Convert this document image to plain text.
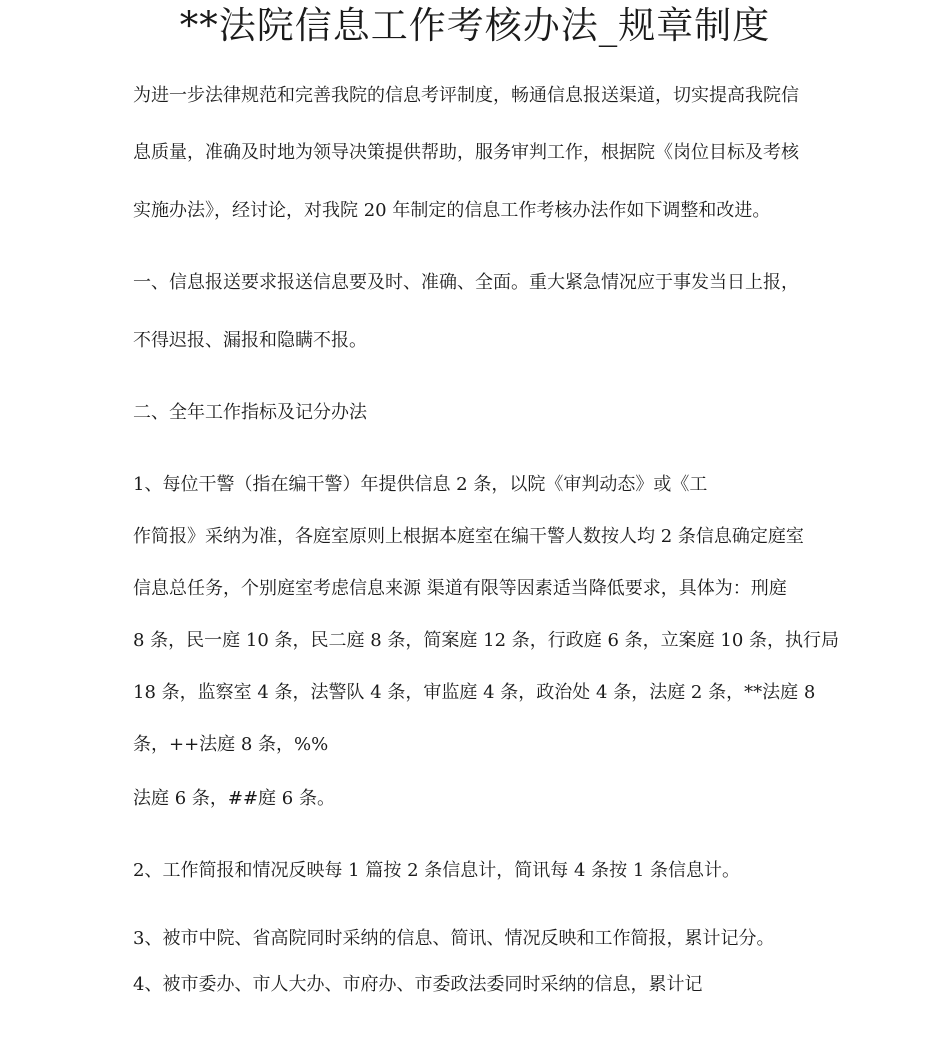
**法院信息工作考核办法_规章制度
为进一步法律规范和完善我院的信息考评制度，畅通信息报送渠道，切实提高我院信
息质量，准确及时地为领导决策提供帮助，服务审判工作，根据院《岗位目标及考核
实施办法》，经讨论，对我院 20 年制定的信息工作考核办法作如下调整和改进。
一、信息报送要求报送信息要及时、准确、全面。重大紧急情况应于事发当日上报，
不得迟报、漏报和隐瞒不报。
二、全年工作指标及记分办法
1、每位干警（指在编干警）年提供信息 2 条，以院《审判动态》或《工
作简报》采纳为准，各庭室原则上根据本庭室在编干警人数按人均 2 条信息确定庭室
信息总任务，个别庭室考虑信息来源 渠道有限等因素适当降低要求，具体为：刑庭
8 条，民一庭 10 条，民二庭 8 条，简案庭 12 条，行政庭 6 条，立案庭 10 条，执行局
18 条，监察室 4 条，法警队 4 条，审监庭 4 条，政治处 4 条，法庭 2 条，**法庭 8
条，++法庭 8 条，%%
法庭 6 条，##庭 6 条。
2、工作简报和情况反映每 1 篇按 2 条信息计，简讯每 4 条按 1 条信息计。
3、被市中院、省高院同时采纳的信息、简讯、情况反映和工作简报，累计记分。
4、被市委办、市人大办、市府办、市委政法委同时采纳的信息，累计记
